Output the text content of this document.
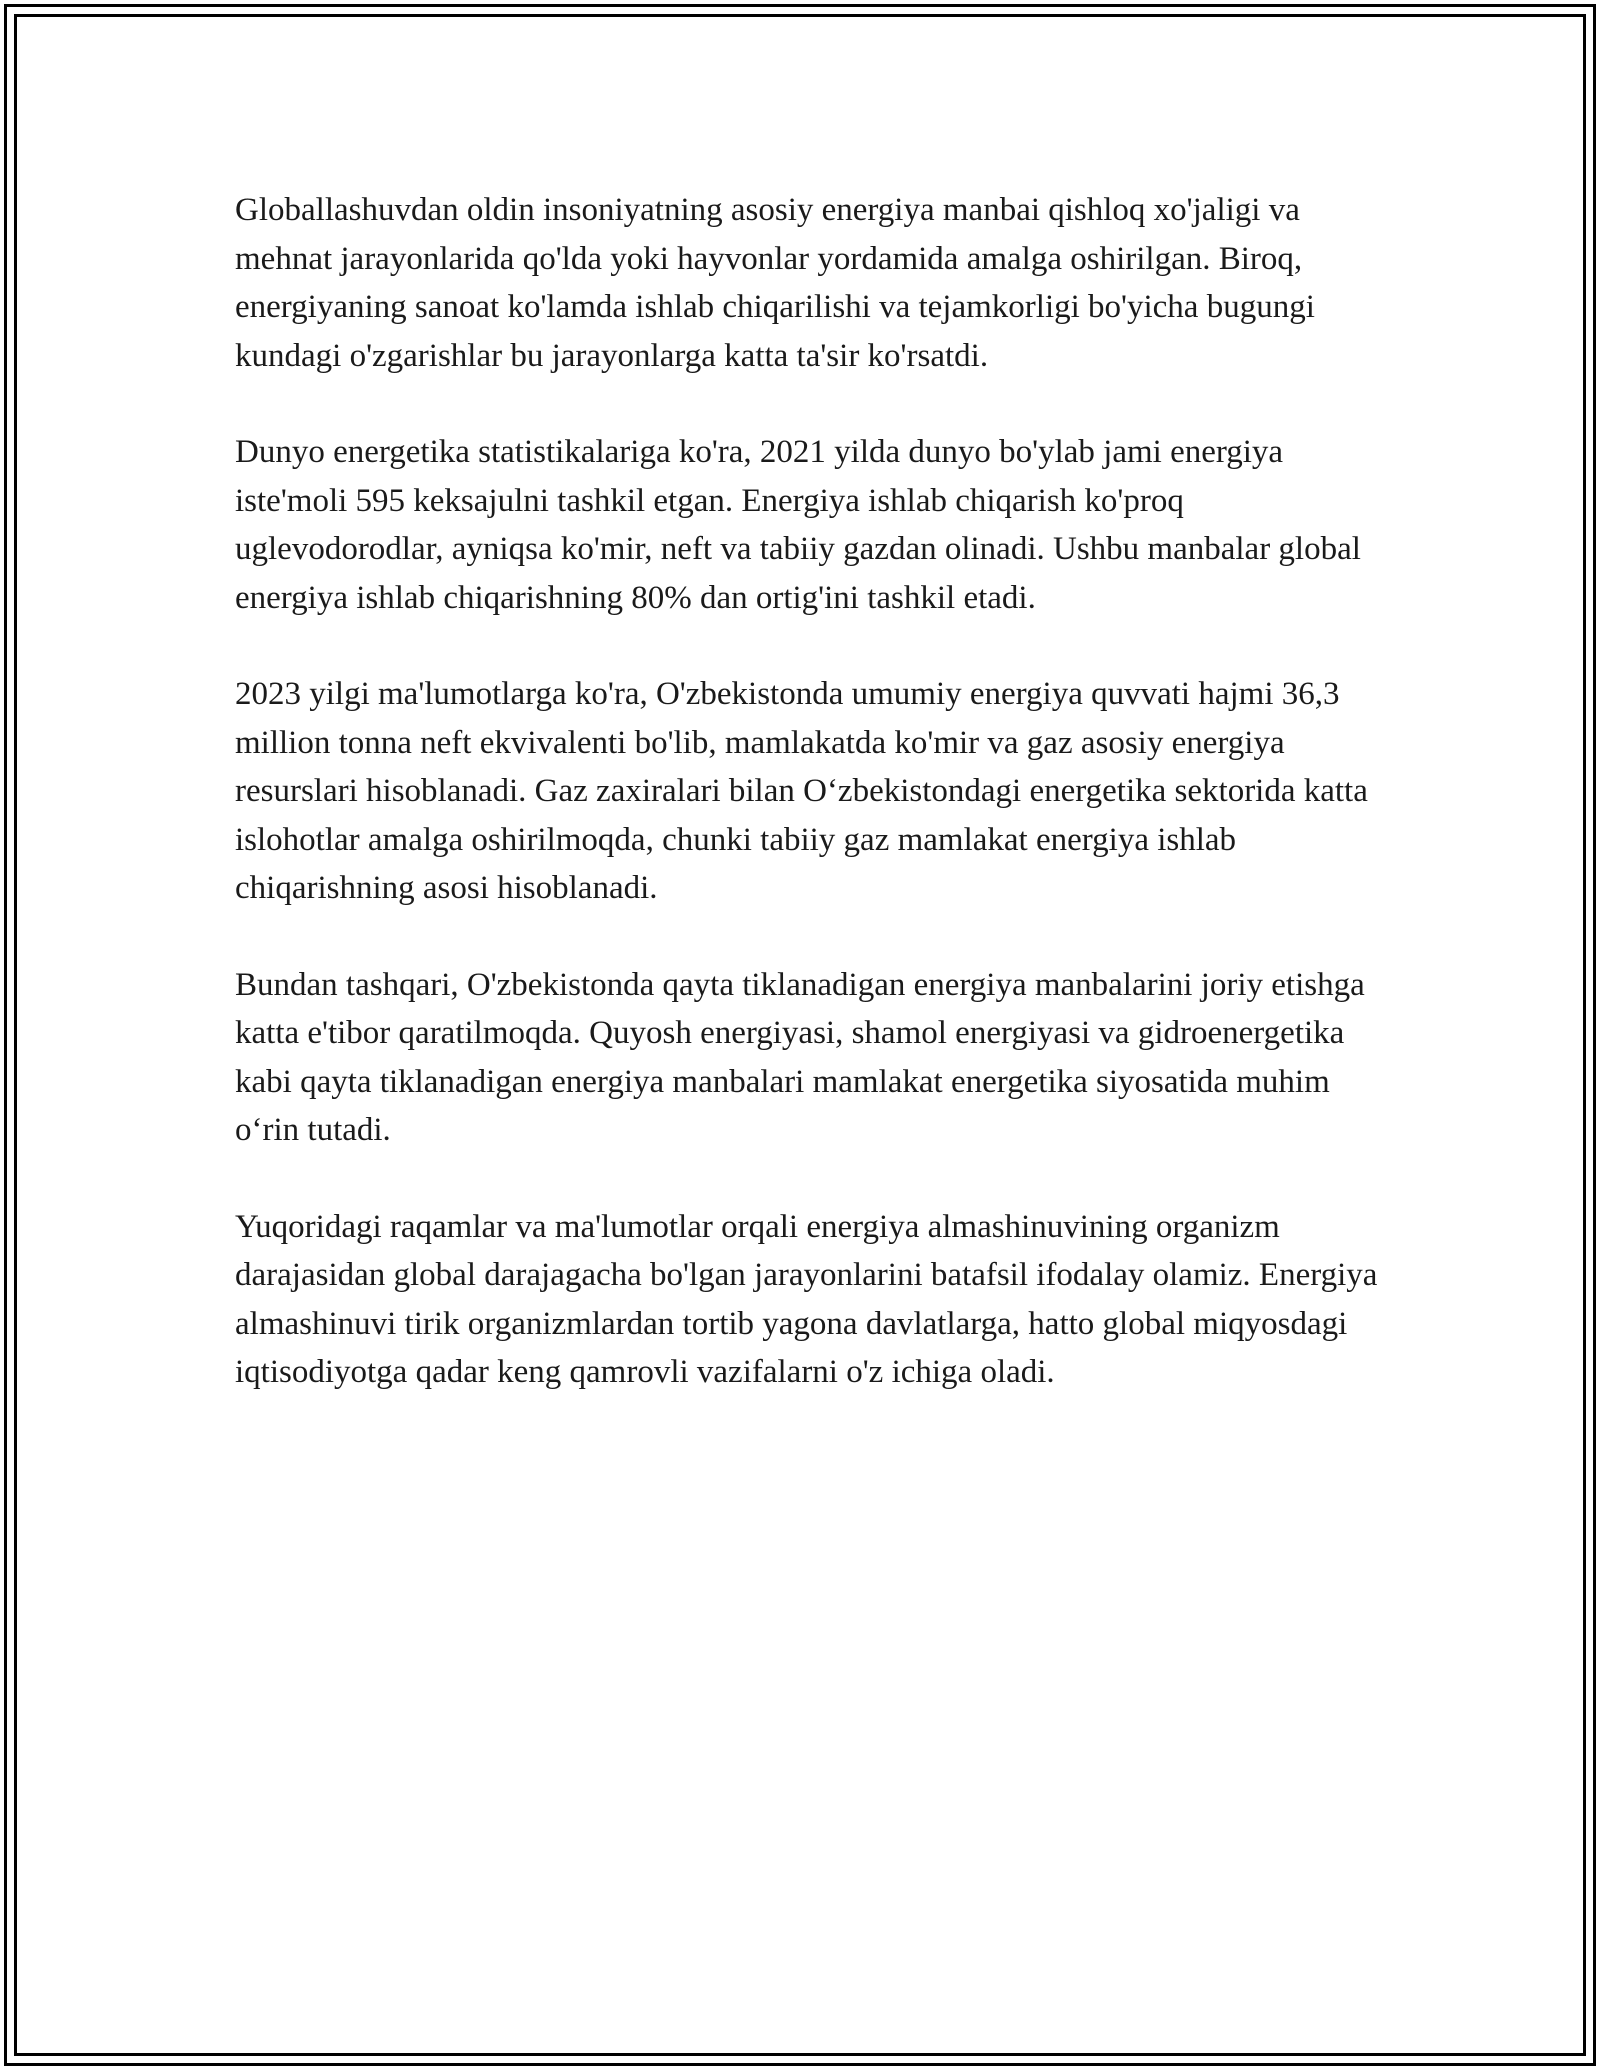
Globallashuvdan oldin insoniyatning asosiy energiya manbai qishloq xo'jaligi va mehnat jarayonlarida qo'lda yoki hayvonlar yordamida amalga oshirilgan. Biroq, energiyaning sanoat ko'lamda ishlab chiqarilishi va tejamkorligi bo'yicha bugungi kundagi o'zgarishlar bu jarayonlarga katta ta'sir ko'rsatdi.

Dunyo energetika statistikalariga ko'ra, 2021 yilda dunyo bo'ylab jami energiya iste'moli 595 keksajulni tashkil etgan. Energiya ishlab chiqarish ko'proq uglevodorodlar, ayniqsa ko'mir, neft va tabiiy gazdan olinadi. Ushbu manbalar global energiya ishlab chiqarishning 80% dan ortig'ini tashkil etadi.

2023 yilgi ma'lumotlarga ko'ra, O'zbekistonda umumiy energiya quvvati hajmi 36,3 million tonna neft ekvivalenti bo'lib, mamlakatda ko'mir va gaz asosiy energiya resurslari hisoblanadi. Gaz zaxiralari bilan O‘zbekistondagi energetika sektorida katta islohotlar amalga oshirilmoqda, chunki tabiiy gaz mamlakat energiya ishlab chiqarishning asosi hisoblanadi.

Bundan tashqari, O'zbekistonda qayta tiklanadigan energiya manbalarini joriy etishga katta e'tibor qaratilmoqda. Quyosh energiyasi, shamol energiyasi va gidroenergetika kabi qayta tiklanadigan energiya manbalari mamlakat energetika siyosatida muhim o‘rin tutadi.

Yuqoridagi raqamlar va ma'lumotlar orqali energiya almashinuvining organizm darajasidan global darajagacha bo'lgan jarayonlarini batafsil ifodalay olamiz. Energiya almashinuvi tirik organizmlardan tortib yagona davlatlarga, hatto global miqyosdagi iqtisodiyotga qadar keng qamrovli vazifalarni o'z ichiga oladi.
